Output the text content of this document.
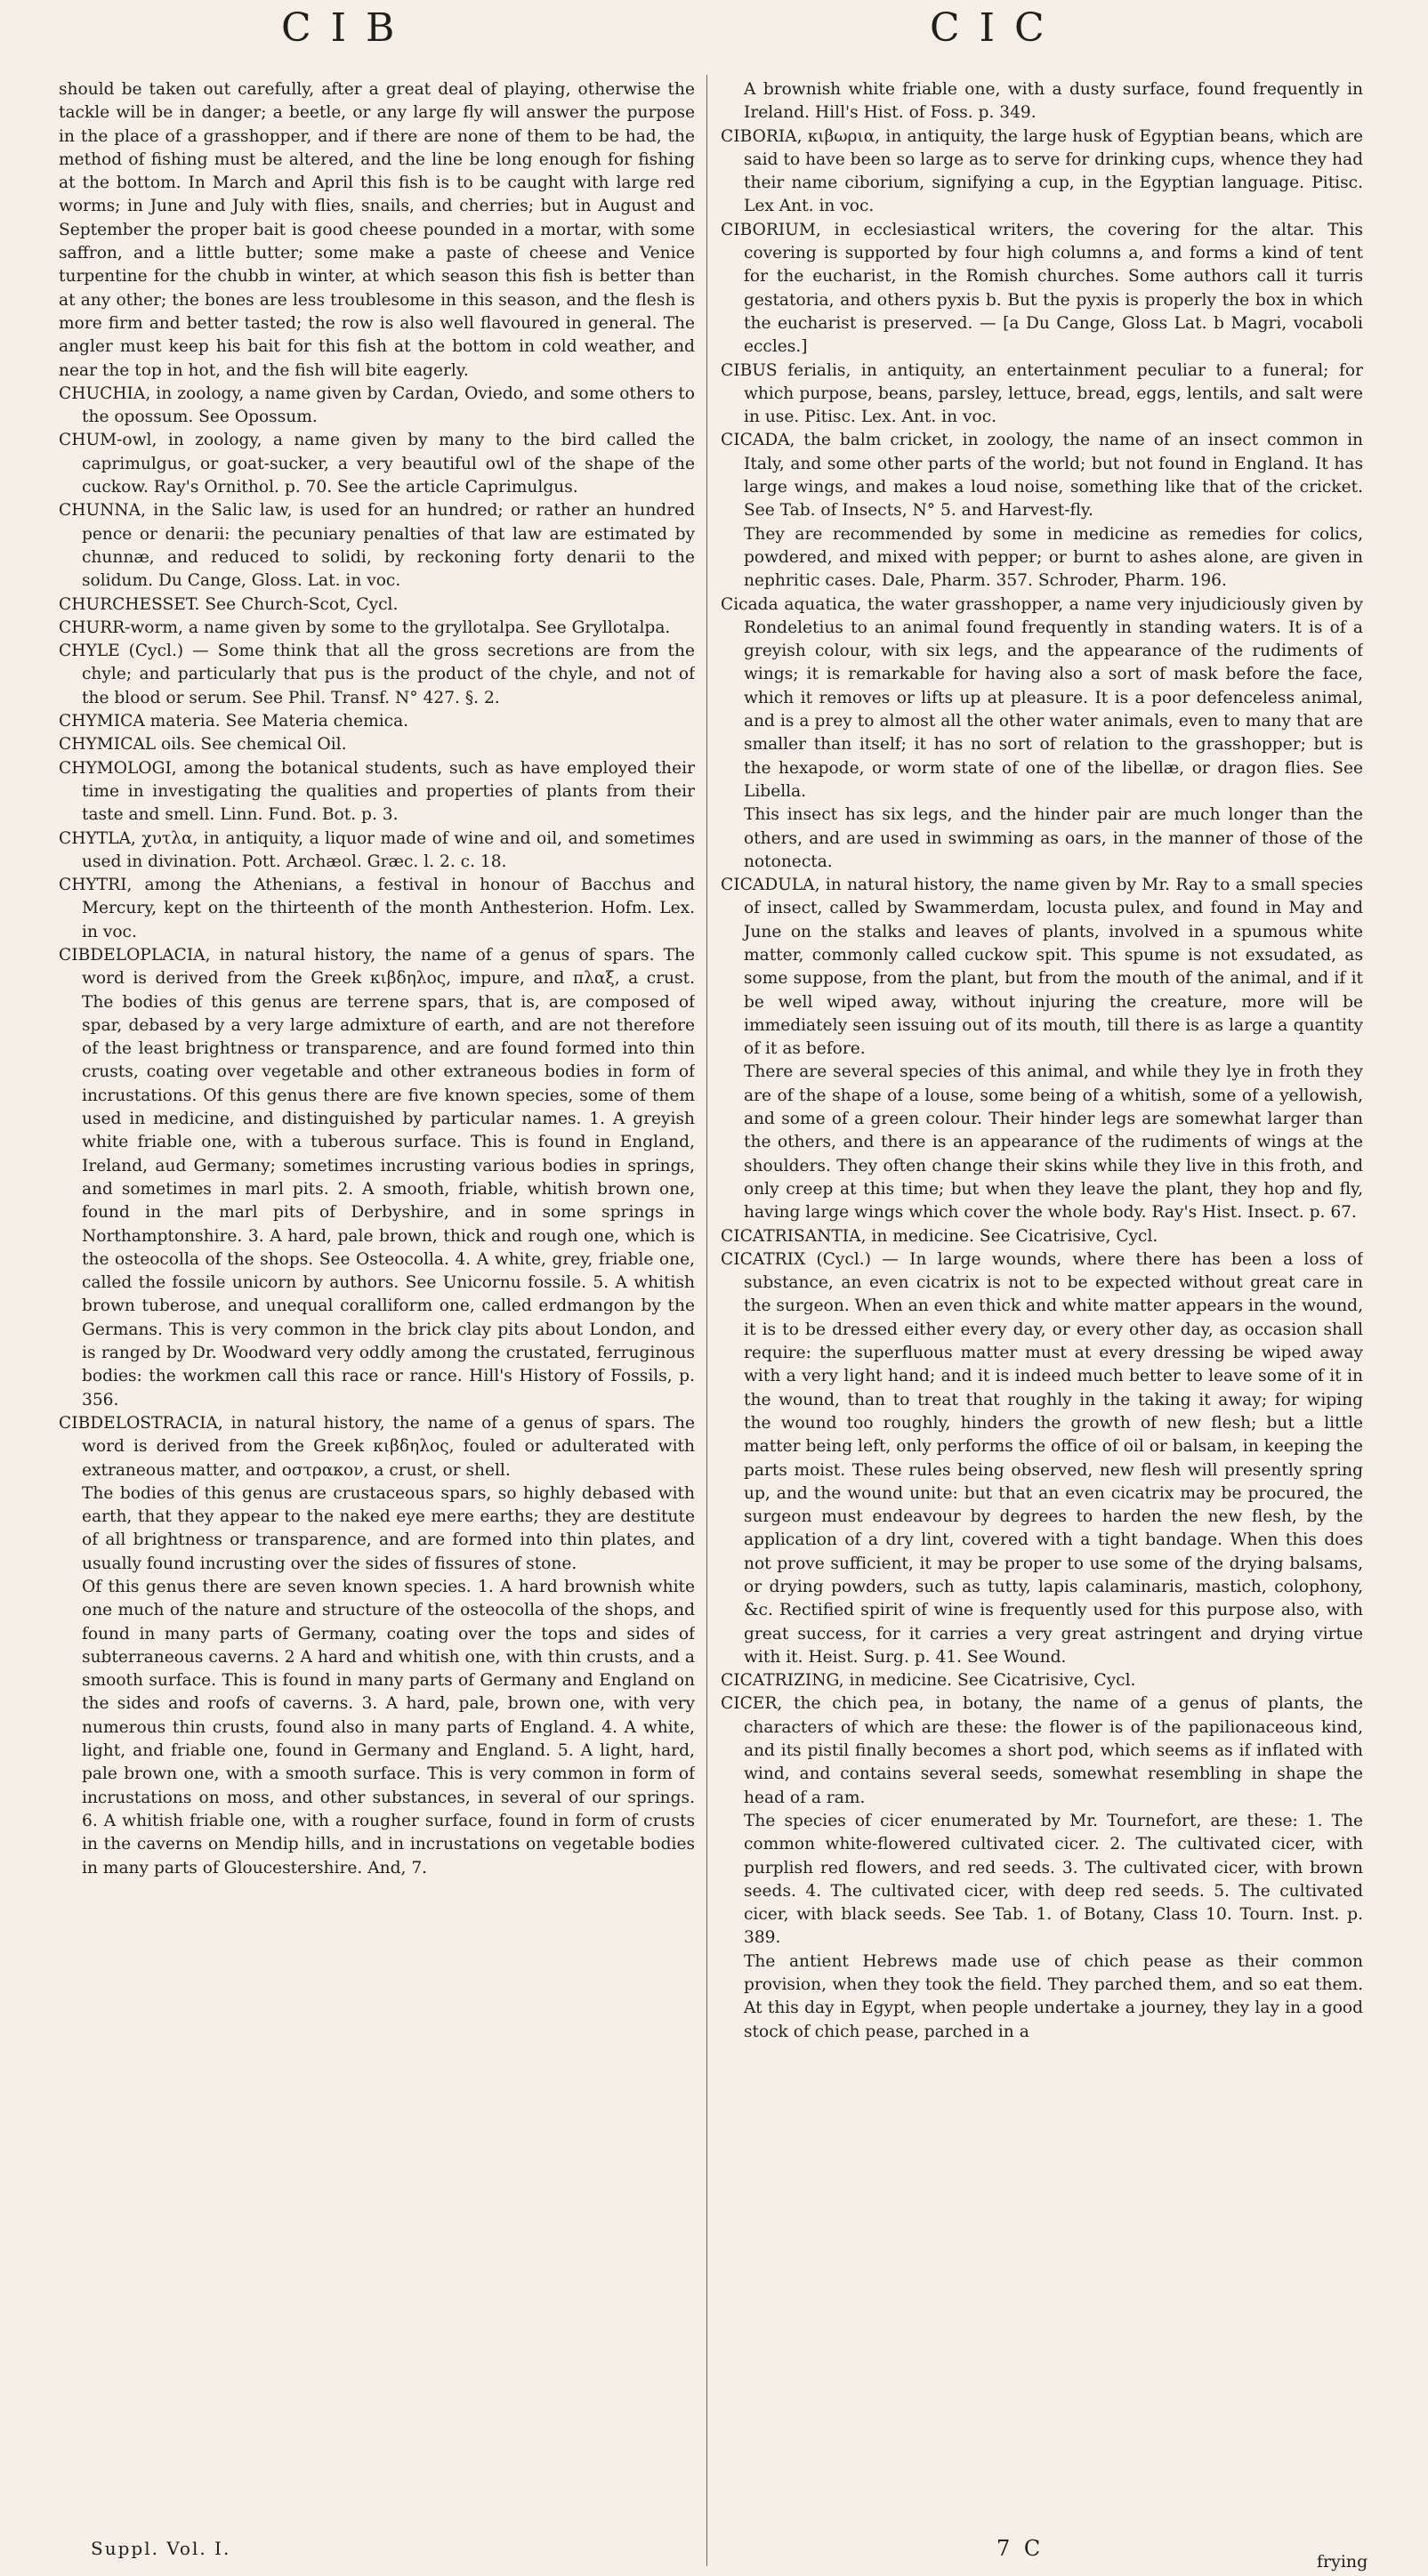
CIB	CIC

should be taken out carefully, after a great deal of playing, otherwise the tackle will be in danger; a beetle, or any large fly will answer the purpose in the place of a grasshopper, and if there are none of them to be had, the method of fishing must be altered, and the line be long enough for fishing at the bottom. In March and April this fish is to be caught with large red worms; in June and July with flies, snails, and cherries; but in August and September the proper bait is good cheese pounded in a mortar, with some saffron, and a little butter; some make a paste of cheese and Venice turpentine for the chubb in winter, at which season this fish is better than at any other; the bones are less troublesome in this season, and the flesh is more firm and better tasted; the row is also well flavoured in general. The angler must keep his bait for this fish at the bottom in cold weather, and near the top in hot, and the fish will bite eagerly.

CHUCHIA, in zoology, a name given by Cardan, Oviedo, and some others to the opossum. See Opossum.

CHUM-owl, in zoology, a name given by many to the bird called the caprimulgus, or goat-sucker, a very beautiful owl of the shape of the cuckow. Ray's Ornithol. p. 70. See the article Caprimulgus.

CHUNNA, in the Salic law, is used for an hundred; or rather an hundred pence or denarii: the pecuniary penalties of that law are estimated by chunnæ, and reduced to solidi, by reckoning forty denarii to the solidum. Du Cange, Gloss. Lat. in voc.

CHURCHESSET. See Church-Scot, Cycl.

CHURR-worm, a name given by some to the gryllotalpa. See Gryllotalpa.

CHYLE (Cycl.) — Some think that all the gross secretions are from the chyle; and particularly that pus is the product of the chyle, and not of the blood or serum. See Phil. Transf. N° 427. §. 2.

CHYMICA materia. See Materia chemica.

CHYMICAL oils. See chemical Oil.

CHYMOLOGI, among the botanical students, such as have employed their time in investigating the qualities and properties of plants from their taste and smell. Linn. Fund. Bot. p. 3.

CHYTLA, χυτλα, in antiquity, a liquor made of wine and oil, and sometimes used in divination. Pott. Archæol. Græc. l. 2. c. 18.

CHYTRI, among the Athenians, a festival in honour of Bacchus and Mercury, kept on the thirteenth of the month Anthesterion. Hofm. Lex. in voc.

CIBDELOPLACIA, in natural history, the name of a genus of spars. The word is derived from the Greek κιβδηλος, impure, and πλαξ, a crust. The bodies of this genus are terrene spars, that is, are composed of spar, debased by a very large admixture of earth, and are not therefore of the least brightness or transparence, and are found formed into thin crusts, coating over vegetable and other extraneous bodies in form of incrustations. Of this genus there are five known species, some of them used in medicine, and distinguished by particular names. 1. A greyish white friable one, with a tuberous surface. This is found in England, Ireland, aud Germany; sometimes incrusting various bodies in springs, and sometimes in marl pits. 2. A smooth, friable, whitish brown one, found in the marl pits of Derbyshire, and in some springs in Northamptonshire. 3. A hard, pale brown, thick and rough one, which is the osteocolla of the shops. See Osteocolla. 4. A white, grey, friable one, called the fossile unicorn by authors. See Unicornu fossile. 5. A whitish brown tuberose, and unequal coralliform one, called erdmangon by the Germans. This is very common in the brick clay pits about London, and is ranged by Dr. Woodward very oddly among the crustated, ferruginous bodies: the workmen call this race or rance. Hill's History of Fossils, p. 356.

CIBDELOSTRACIA, in natural history, the name of a genus of spars. The word is derived from the Greek κιβδηλος, fouled or adulterated with extraneous matter, and οστρακον, a crust, or shell.

The bodies of this genus are crustaceous spars, so highly debased with earth, that they appear to the naked eye mere earths; they are destitute of all brightness or transparence, and are formed into thin plates, and usually found incrusting over the sides of fissures of stone.

Of this genus there are seven known species. 1. A hard brownish white one much of the nature and structure of the osteocolla of the shops, and found in many parts of Germany, coating over the tops and sides of subterraneous caverns. 2 A hard and whitish one, with thin crusts, and a smooth surface. This is found in many parts of Germany and England on the sides and roofs of caverns. 3. A hard, pale, brown one, with very numerous thin crusts, found also in many parts of England. 4. A white, light, and friable one, found in Germany and England. 5. A light, hard, pale brown one, with a smooth surface. This is very common in form of incrustations on moss, and other substances, in several of our springs. 6. A whitish friable one, with a rougher surface, found in form of crusts in the caverns on Mendip hills, and in incrustations on vegetable bodies in many parts of Gloucestershire. And, 7.

A brownish white friable one, with a dusty surface, found frequently in Ireland. Hill's Hist. of Foss. p. 349.

CIBORIA, κιβωρια, in antiquity, the large husk of Egyptian beans, which are said to have been so large as to serve for drinking cups, whence they had their name ciborium, signifying a cup, in the Egyptian language. Pitisc. Lex Ant. in voc.

CIBORIUM, in ecclesiastical writers, the covering for the altar. This covering is supported by four high columns a, and forms a kind of tent for the eucharist, in the Romish churches. Some authors call it turris gestatoria, and others pyxis b. But the pyxis is properly the box in which the eucharist is preserved. — [a Du Cange, Gloss Lat. b Magri, vocaboli eccles.]

CIBUS ferialis, in antiquity, an entertainment peculiar to a funeral; for which purpose, beans, parsley, lettuce, bread, eggs, lentils, and salt were in use. Pitisc. Lex. Ant. in voc.

CICADA, the balm cricket, in zoology, the name of an insect common in Italy, and some other parts of the world; but not found in England. It has large wings, and makes a loud noise, something like that of the cricket. See Tab. of Insects, N° 5. and Harvest-fly.

They are recommended by some in medicine as remedies for colics, powdered, and mixed with pepper; or burnt to ashes alone, are given in nephritic cases. Dale, Pharm. 357. Schroder, Pharm. 196.

Cicada aquatica, the water grasshopper, a name very injudiciously given by Rondeletius to an animal found frequently in standing waters. It is of a greyish colour, with six legs, and the appearance of the rudiments of wings; it is remarkable for having also a sort of mask before the face, which it removes or lifts up at pleasure. It is a poor defenceless animal, and is a prey to almost all the other water animals, even to many that are smaller than itself; it has no sort of relation to the grasshopper; but is the hexapode, or worm state of one of the libellæ, or dragon flies. See Libella.

This insect has six legs, and the hinder pair are much longer than the others, and are used in swimming as oars, in the manner of those of the notonecta.

CICADULA, in natural history, the name given by Mr. Ray to a small species of insect, called by Swammerdam, locusta pulex, and found in May and June on the stalks and leaves of plants, involved in a spumous white matter, commonly called cuckow spit. This spume is not exsudated, as some suppose, from the plant, but from the mouth of the animal, and if it be well wiped away, without injuring the creature, more will be immediately seen issuing out of its mouth, till there is as large a quantity of it as before.

There are several species of this animal, and while they lye in froth they are of the shape of a louse, some being of a whitish, some of a yellowish, and some of a green colour. Their hinder legs are somewhat larger than the others, and there is an appearance of the rudiments of wings at the shoulders. They often change their skins while they live in this froth, and only creep at this time; but when they leave the plant, they hop and fly, having large wings which cover the whole body. Ray's Hist. Insect. p. 67.

CICATRISANTIA, in medicine. See Cicatrisive, Cycl.

CICATRIX (Cycl.) — In large wounds, where there has been a loss of substance, an even cicatrix is not to be expected without great care in the surgeon. When an even thick and white matter appears in the wound, it is to be dressed either every day, or every other day, as occasion shall require: the superfluous matter must at every dressing be wiped away with a very light hand; and it is indeed much better to leave some of it in the wound, than to treat that roughly in the taking it away; for wiping the wound too roughly, hinders the growth of new flesh; but a little matter being left, only performs the office of oil or balsam, in keeping the parts moist. These rules being observed, new flesh will presently spring up, and the wound unite: but that an even cicatrix may be procured, the surgeon must endeavour by degrees to harden the new flesh, by the application of a dry lint, covered with a tight bandage. When this does not prove sufficient, it may be proper to use some of the drying balsams, or drying powders, such as tutty, lapis calaminaris, mastich, colophony, &c. Rectified spirit of wine is frequently used for this purpose also, with great success, for it carries a very great astringent and drying virtue with it. Heist. Surg. p. 41. See Wound.

CICATRIZING, in medicine. See Cicatrisive, Cycl.

CICER, the chich pea, in botany, the name of a genus of plants, the characters of which are these: the flower is of the papilionaceous kind, and its pistil finally becomes a short pod, which seems as if inflated with wind, and contains several seeds, somewhat resembling in shape the head of a ram.

The species of cicer enumerated by Mr. Tournefort, are these: 1. The common white-flowered cultivated cicer. 2. The cultivated cicer, with purplish red flowers, and red seeds. 3. The cultivated cicer, with brown seeds. 4. The cultivated cicer, with deep red seeds. 5. The cultivated cicer, with black seeds. See Tab. 1. of Botany, Class 10. Tourn. Inst. p. 389.

The antient Hebrews made use of chich pease as their common provision, when they took the field. They parched them, and so eat them. At this day in Egypt, when people undertake a journey, they lay in a good stock of chich pease, parched in a

Suppl. Vol. I.	7 C
frying
